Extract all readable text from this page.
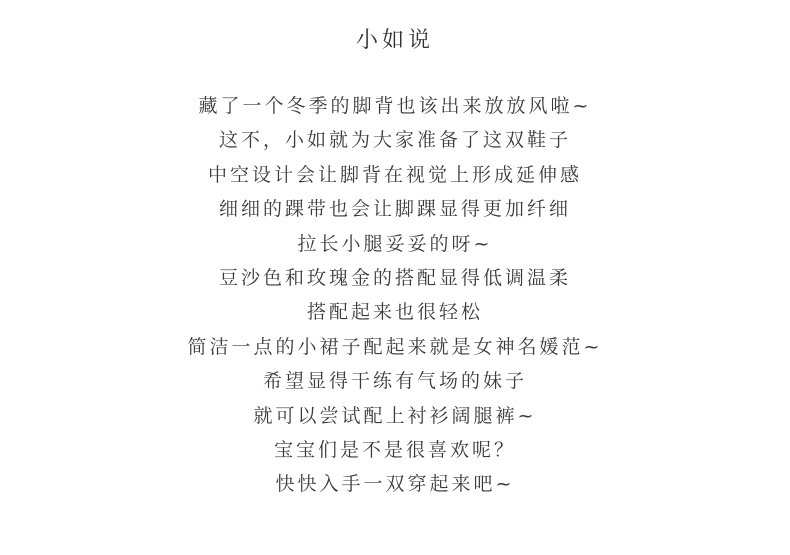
小如说
藏了一个冬季的脚背也该出来放放风啦~
这不，小如就为大家准备了这双鞋子
中空设计会让脚背在视觉上形成延伸感
细细的踝带也会让脚踝显得更加纤细
拉长小腿妥妥的呀~
豆沙色和玫瑰金的搭配显得低调温柔
搭配起来也很轻松
简洁一点的小裙子配起来就是女神名媛范~
希望显得干练有气场的妹子
就可以尝试配上衬衫阔腿裤~
宝宝们是不是很喜欢呢？
快快入手一双穿起来吧~
